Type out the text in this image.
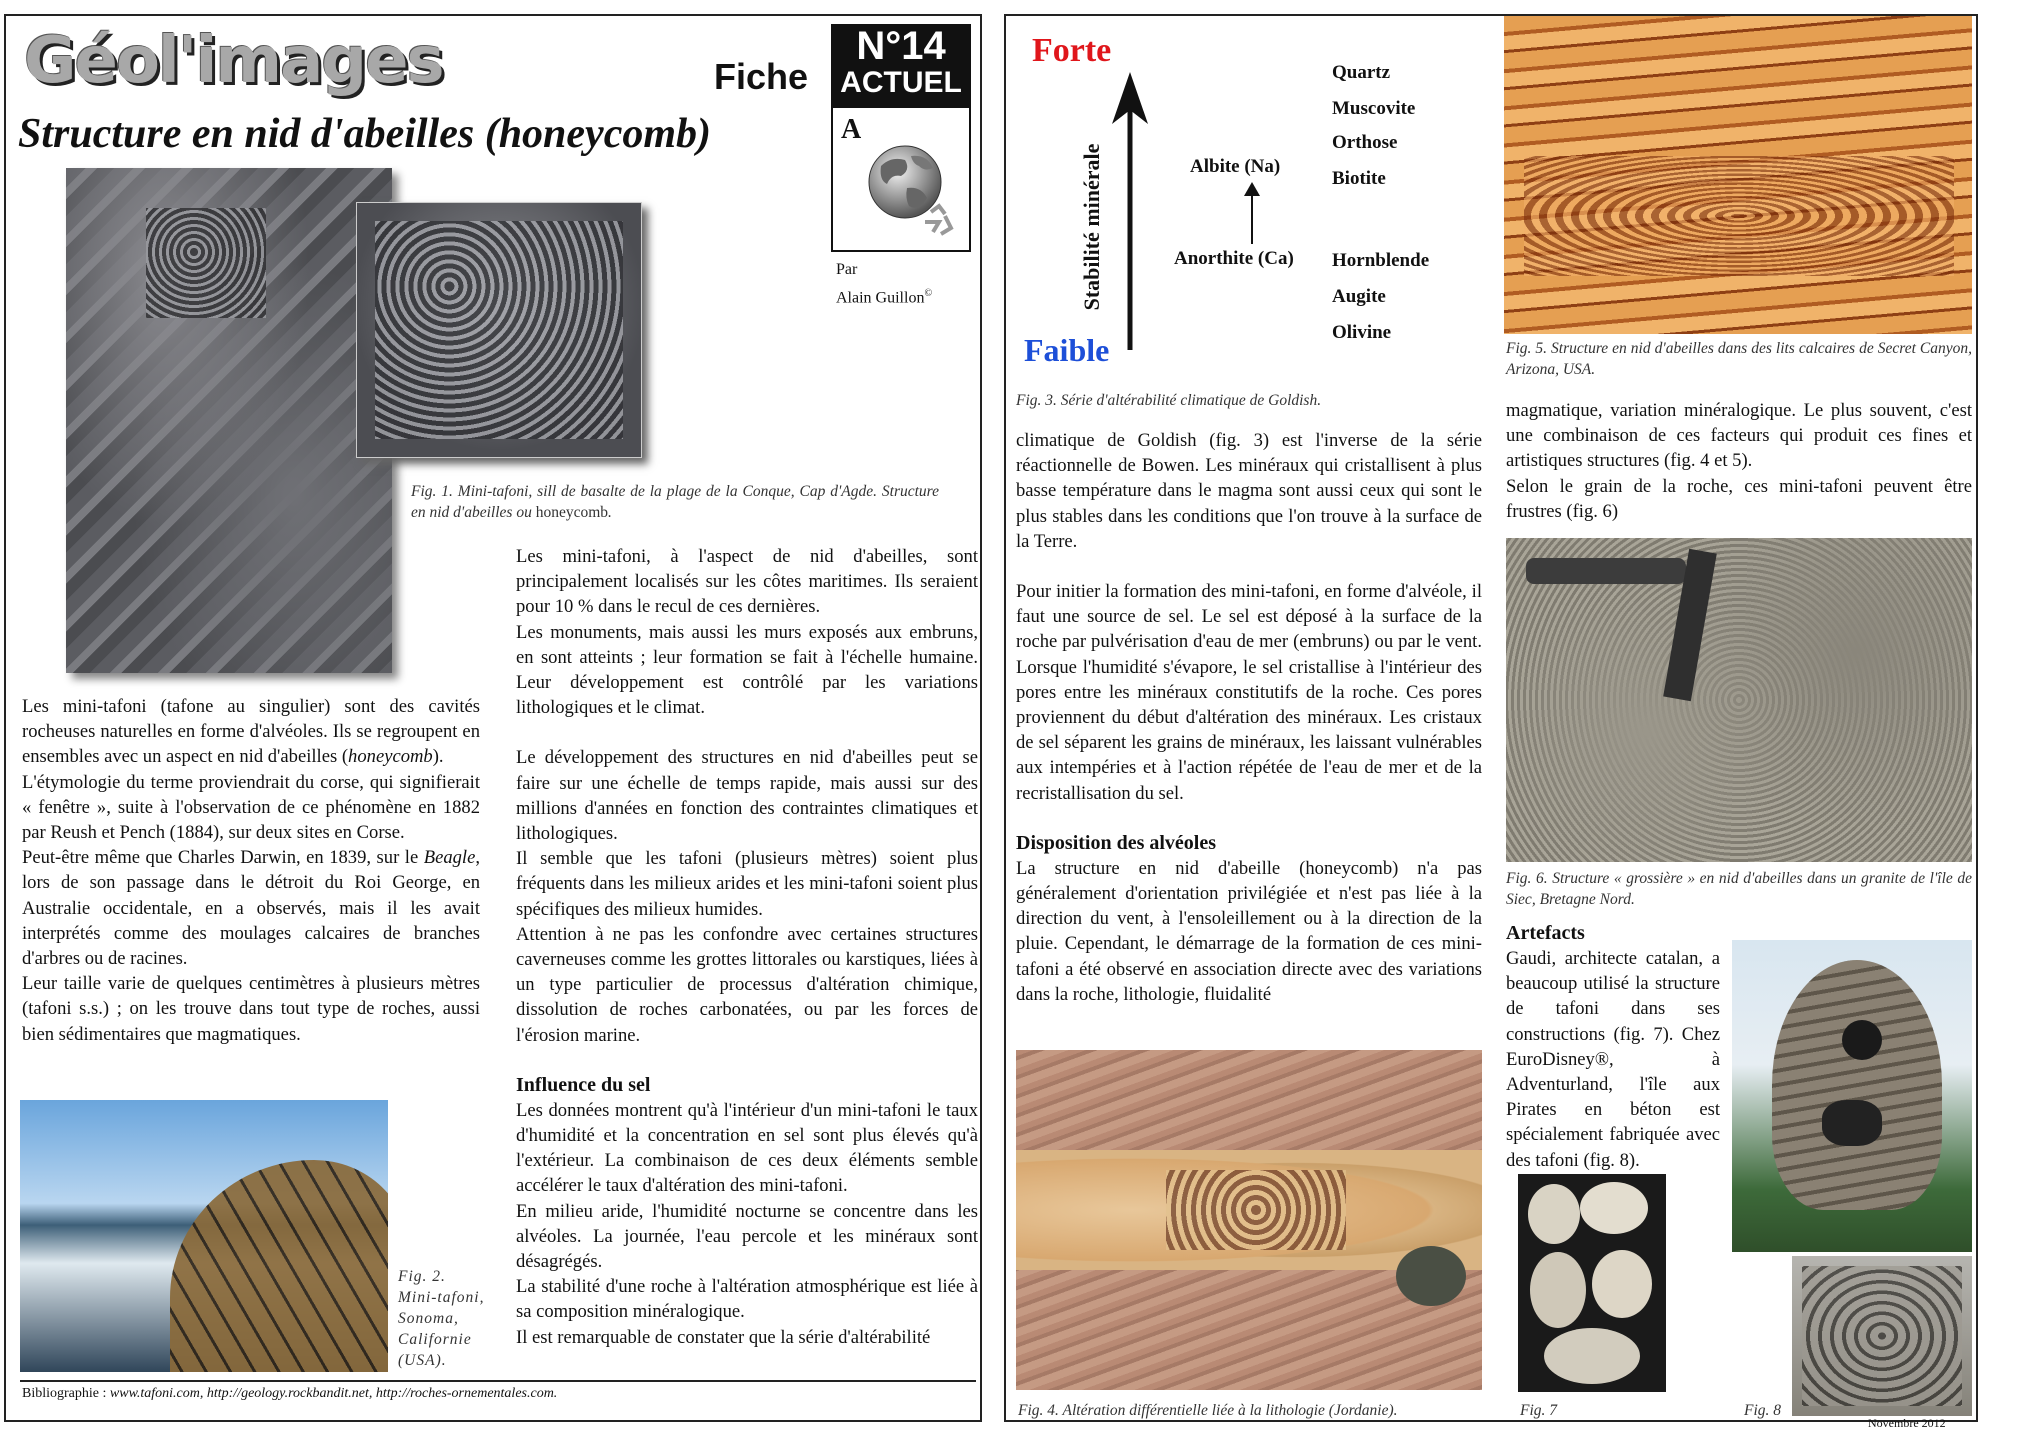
Géol'images	Fiche
N°14
ACTUEL
A
Par
Alain Guillon©
Structure en nid d'abeilles (honeycomb)
Fig. 1. Mini-tafoni, sill de basalte de la plage de la Conque, Cap d'Agde. Structure en nid d'abeilles ou honeycomb.

Les mini-tafoni (tafone au singulier) sont des cavités rocheuses naturelles en forme d'alvéoles. Ils se regroupent en ensembles avec un aspect en nid d'abeilles (honeycomb).

L'étymologie du terme proviendrait du corse, qui signifierait « fenêtre », suite à l'observation de ce phénomène en 1882 par Reush et Pench (1884), sur deux sites en Corse.

Peut-être même que Charles Darwin, en 1839, sur le Beagle, lors de son passage dans le détroit du Roi George, en Australie occidentale, en a observés, mais il les avait interprétés comme des moulages calcaires de branches d'arbres ou de racines.

Leur taille varie de quelques centimètres à plusieurs mètres (tafoni s.s.) ; on les trouve dans tout type de roches, aussi bien sédimentaires que magmatiques.

Fig. 2. Mini-tafoni, Sonoma, Californie (USA).

Les mini-tafoni, à l'aspect de nid d'abeilles, sont principalement localisés sur les côtes maritimes. Ils seraient pour 10 % dans le recul de ces dernières.

Les monuments, mais aussi les murs exposés aux embruns, en sont atteints ; leur formation se fait à l'échelle humaine. Leur développement est contrôlé par les variations lithologiques et le climat.

Le développement des structures en nid d'abeilles peut se faire sur une échelle de temps rapide, mais aussi sur des millions d'années en fonction des contraintes climatiques et lithologiques.

Il semble que les tafoni (plusieurs mètres) soient plus fréquents dans les milieux arides et les mini-tafoni soient plus spécifiques des milieux humides.

Attention à ne pas les confondre avec certaines structures caverneuses comme les grottes littorales ou karstiques, liées à un type particulier de processus d'altération chimique, dissolution de roches carbonatées, ou par les forces de l'érosion marine.

Influence du sel

Les données montrent qu'à l'intérieur d'un mini-tafoni le taux d'humidité et la concentration en sel sont plus élevés qu'à l'extérieur. La combinaison de ces deux éléments semble accélérer le taux d'altération des mini-tafoni.

En milieu aride, l'humidité nocturne se concentre dans les alvéoles. La journée, l'eau percole et les minéraux sont désagrégés.

La stabilité d'une roche à l'altération atmosphérique est liée à sa composition minéralogique.

Il est remarquable de constater que la série d'altérabilité

Bibliographie : www.tafoni.com, http://geology.rockbandit.net, http://roches-ornementales.com.
Forte
Faible
Stabilité minérale	Albite (Na)
Anorthite (Ca)
Quartz
Muscovite
Orthose
Biotite
Hornblende
Augite
Olivine
Fig. 3. Série d'altérabilité climatique de Goldish.

climatique de Goldish (fig. 3) est l'inverse de la série réactionnelle de Bowen. Les minéraux qui cristallisent à plus basse température dans le magma sont aussi ceux qui sont le plus stables dans les conditions que l'on trouve à la surface de la Terre.

Pour initier la formation des mini-tafoni, en forme d'alvéole, il faut une source de sel. Le sel est déposé à la surface de la roche par pulvérisation d'eau de mer (embruns) ou par le vent. Lorsque l'humidité s'évapore, le sel cristallise à l'intérieur des pores entre les minéraux constitutifs de la roche. Ces pores proviennent du début d'altération des minéraux. Les cristaux de sel séparent les grains de minéraux, les laissant vulnérables aux intempéries et à l'action répétée de l'eau de mer et de la recristallisation du sel.

Disposition des alvéoles

La structure en nid d'abeille (honeycomb) n'a pas généralement d'orientation privilégiée et n'est pas liée à la direction du vent, à l'ensoleillement ou à la direction de la pluie. Cependant, le démarrage de la formation de ces mini-tafoni a été observé en association directe avec des variations dans la roche, lithologie, fluidalité

Fig. 4. Altération différentielle liée à la lithologie (Jordanie).
Fig. 5. Structure en nid d'abeilles dans des lits calcaires de Secret Canyon, Arizona, USA.

magmatique, variation minéralogique. Le plus souvent, c'est une combinaison de ces facteurs qui produit ces fines et artistiques structures (fig. 4 et 5).

Selon le grain de la roche, ces mini-tafoni peuvent être frustres (fig. 6)

Fig. 6. Structure « grossière » en nid d'abeilles dans un granite de l'île de Siec, Bretagne Nord.
Artefacts
Gaudi, architecte catalan, a beaucoup utilisé la structure de tafoni dans ses constructions (fig. 7). Chez EuroDisney®, à Adventurland, l'île aux Pirates en béton est spécialement fabriquée avec des tafoni (fig. 8).
Fig. 7	Fig. 8
Novembre 2012
